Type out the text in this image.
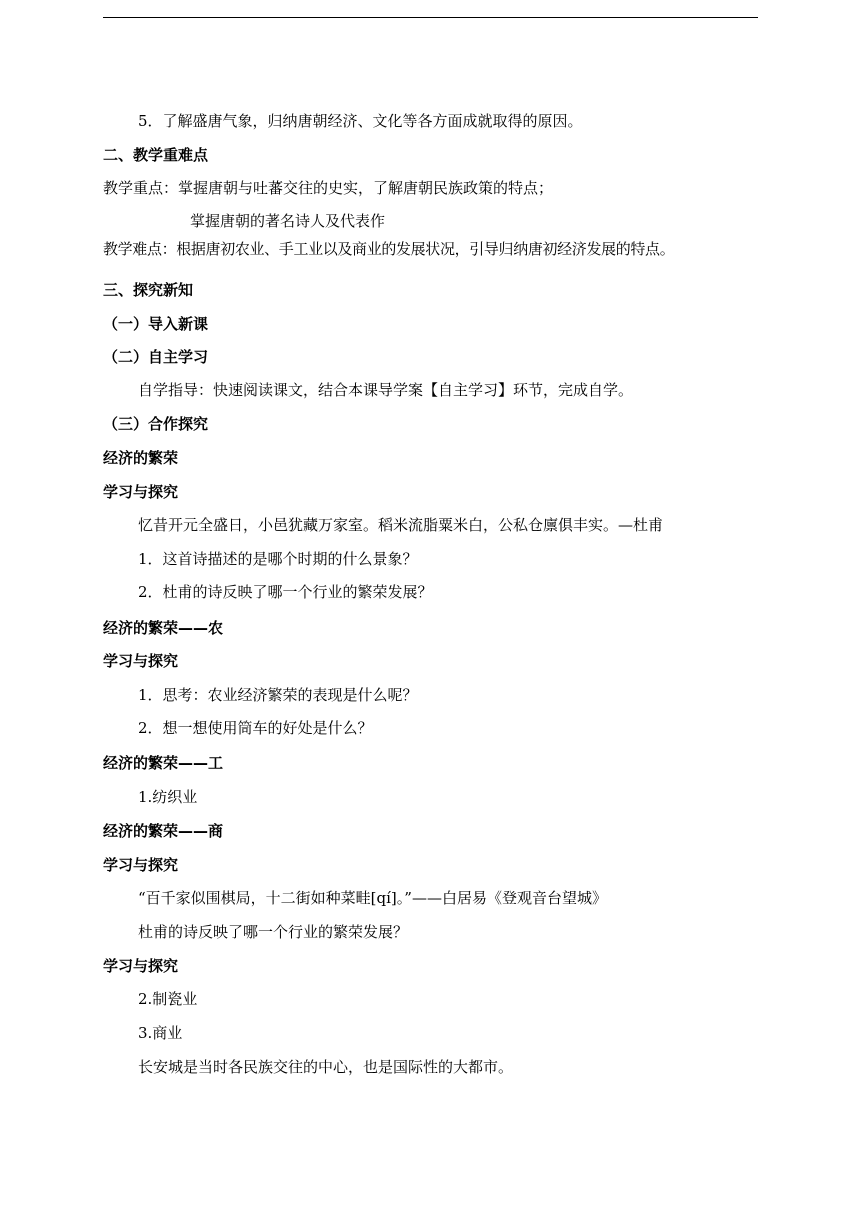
5．了解盛唐气象，归纳唐朝经济、文化等各方面成就取得的原因。
二、教学重难点
教学重点：掌握唐朝与吐蕃交往的史实，了解唐朝民族政策的特点；
掌握唐朝的著名诗人及代表作
教学难点：根据唐初农业、手工业以及商业的发展状况，引导归纳唐初经济发展的特点。
三、探究新知
（一）导入新课
（二）自主学习
自学指导：快速阅读课文，结合本课导学案【自主学习】环节，完成自学。
（三）合作探究
经济的繁荣
学习与探究
忆昔开元全盛日，小邑犹藏万家室。稻米流脂粟米白，公私仓廪俱丰实。—杜甫
1．这首诗描述的是哪个时期的什么景象？
2．杜甫的诗反映了哪一个行业的繁荣发展？
经济的繁荣——农
学习与探究
1．思考：农业经济繁荣的表现是什么呢？
2．想一想使用筒车的好处是什么？
经济的繁荣——工
1.纺织业
经济的繁荣——商
学习与探究
“百千家似围棋局，十二街如种菜畦[qí]。”——白居易《登观音台望城》
杜甫的诗反映了哪一个行业的繁荣发展？
学习与探究
2.制瓷业
3.商业
长安城是当时各民族交往的中心，也是国际性的大都市。
